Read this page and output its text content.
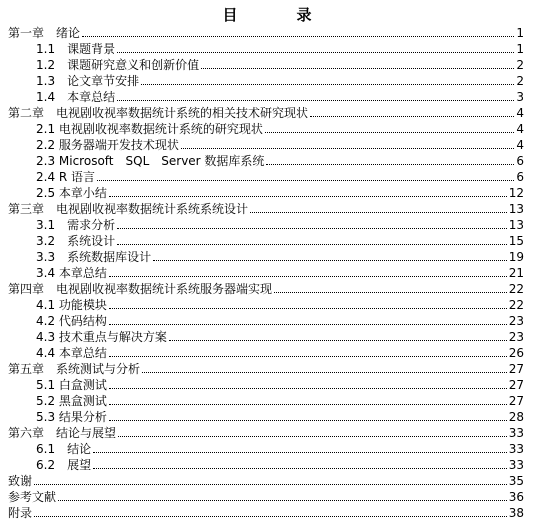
目　录
第一章　绪论	1
1.1　课题背景	1
1.2　课题研究意义和创新价值	2
1.3　论文章节安排	2
1.4　本章总结	3
第二章　电视剧收视率数据统计系统的相关技术研究现状	4
2.1 电视剧收视率数据统计系统的研究现状	4
2.2 服务器端开发技术现状	4
2.3 Microsoft　SQL　Server 数据库系统	6
2.4 R 语言	6
2.5 本章小结	12
第三章　电视剧收视率数据统计系统系统设计	13
3.1　需求分析	13
3.2　系统设计	15
3.3　系统数据库设计	19
3.4 本章总结	21
第四章　电视剧收视率数据统计系统服务器端实现	22
4.1 功能模块	22
4.2 代码结构	23
4.3 技术重点与解决方案	23
4.4 本章总结	26
第五章　系统测试与分析	27
5.1 白盒测试	27
5.2 黑盒测试	27
5.3 结果分析	28
第六章　结论与展望	33
6.1　结论	33
6.2　展望	33
致谢	35
参考文献	36
附录	38
